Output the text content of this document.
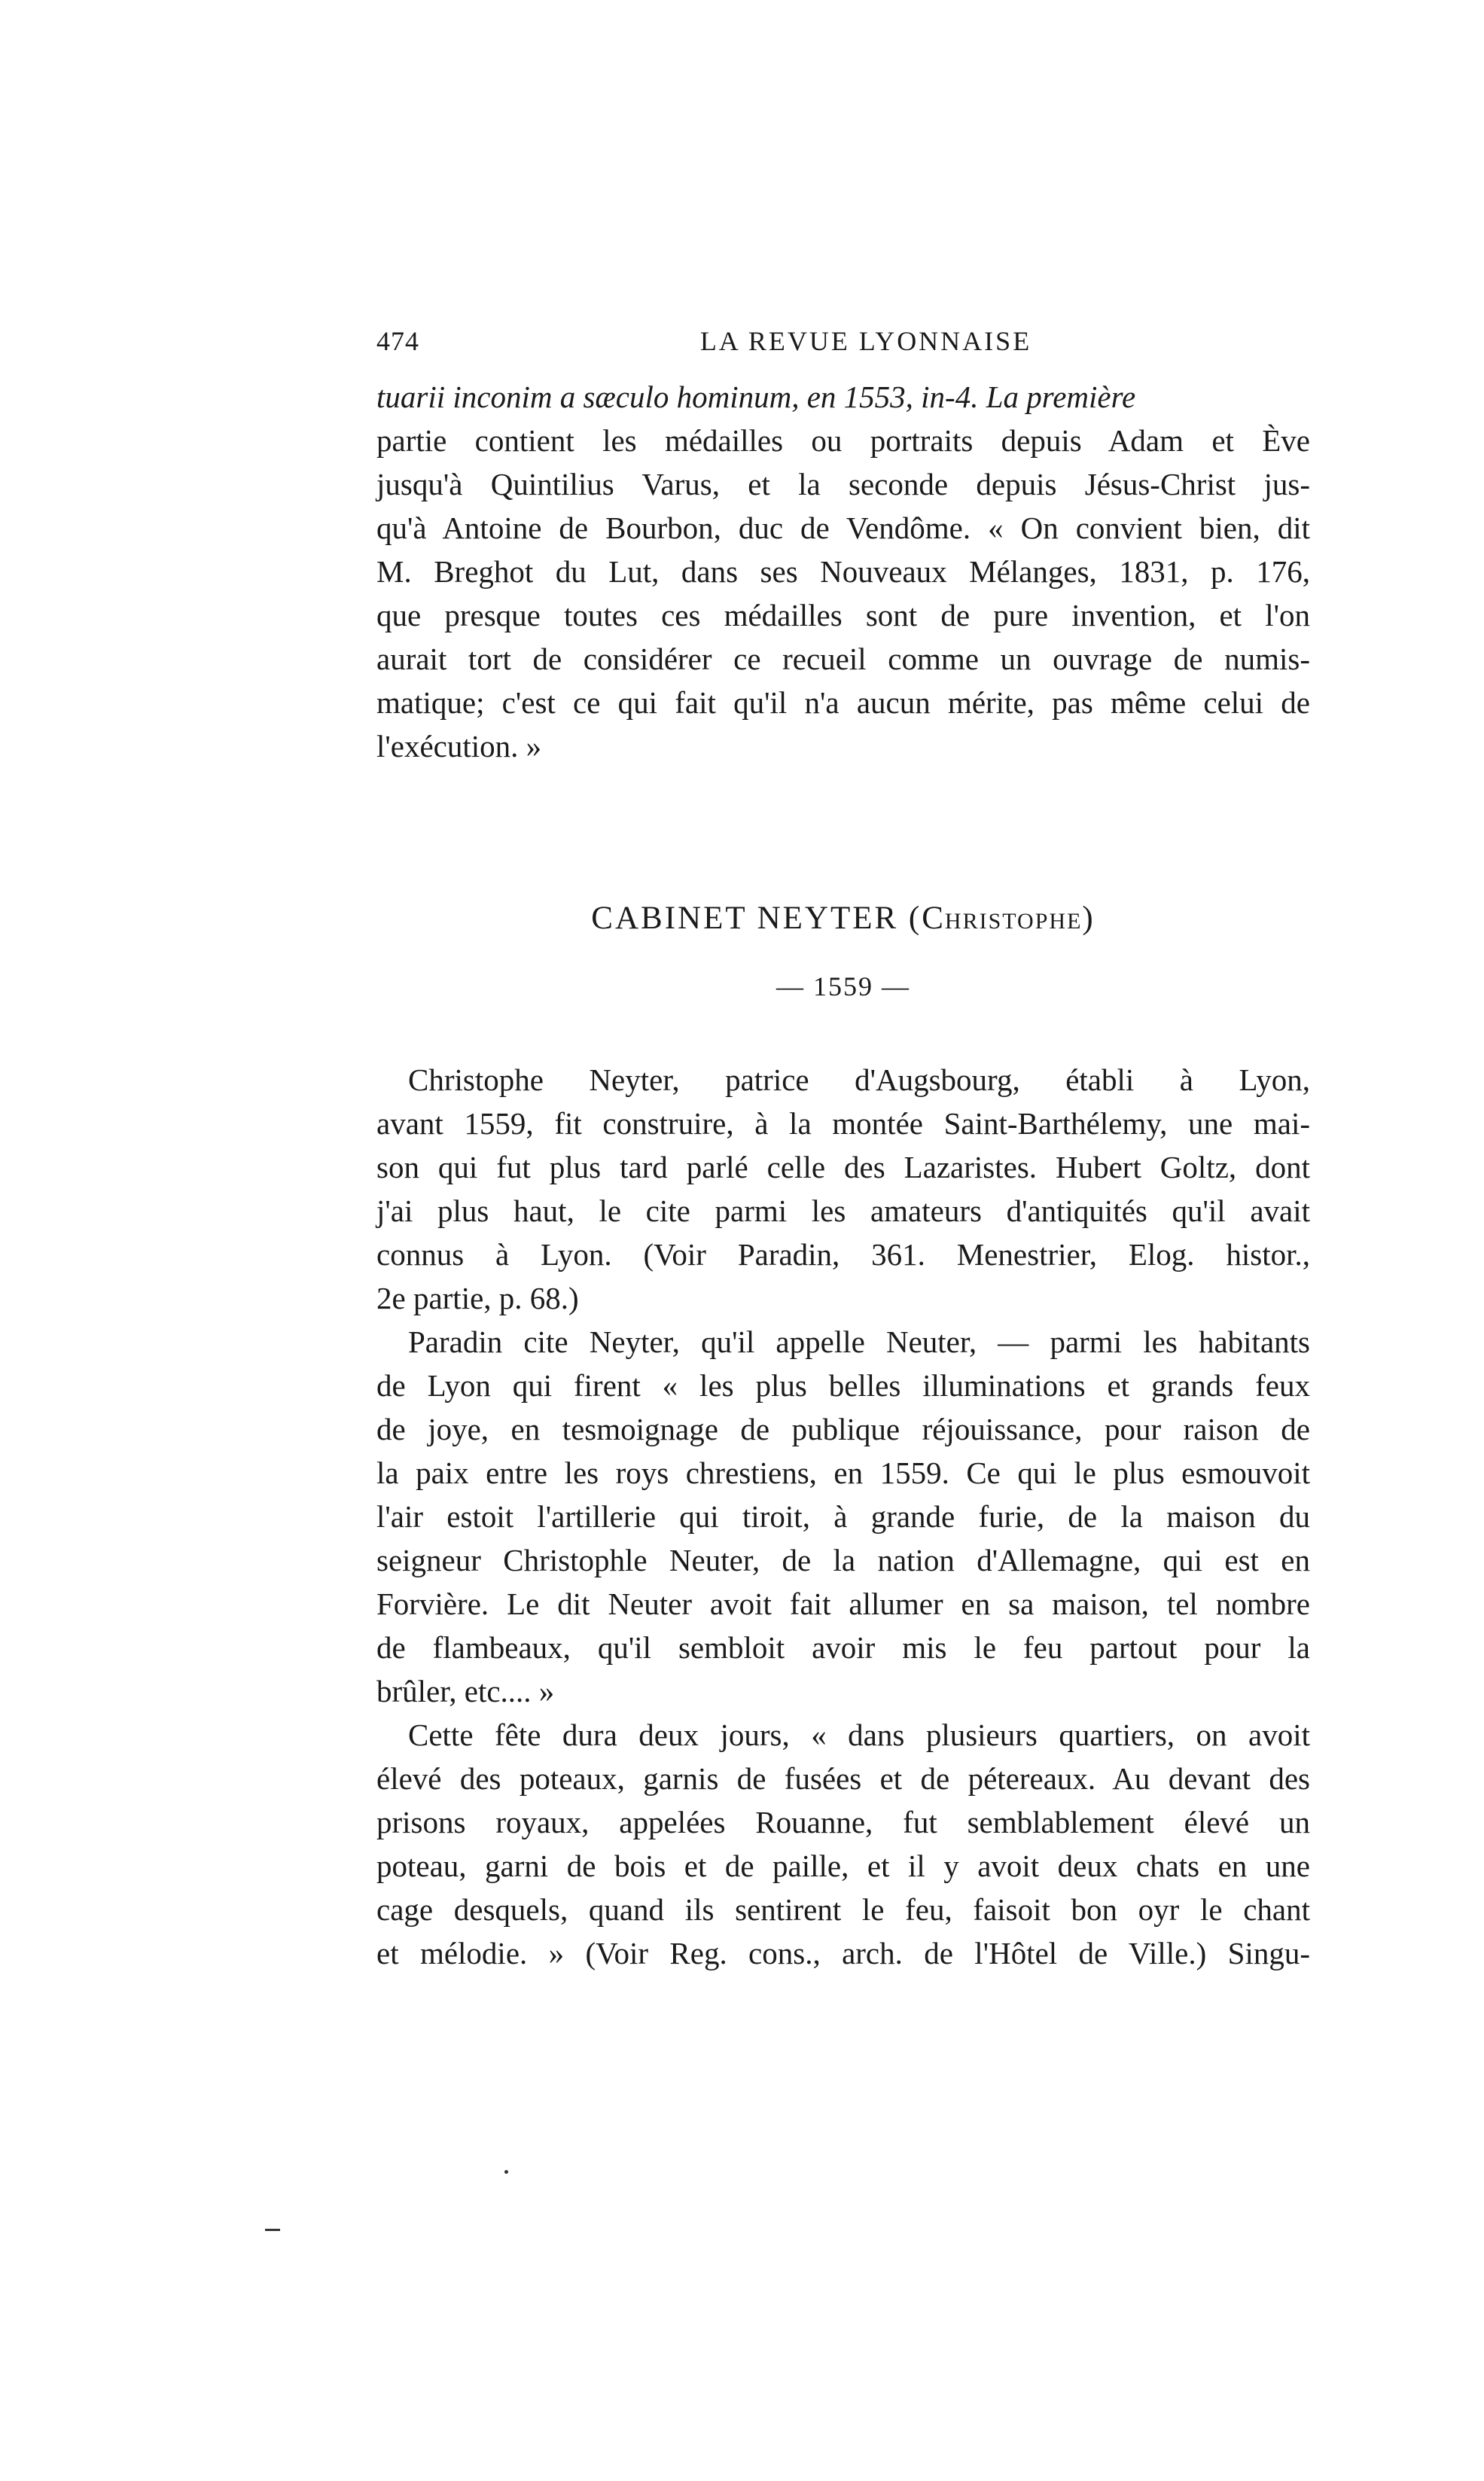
474	LA REVUE LYONNAISE
tuarii inconim a sæculo hominum, en 1553, in-4. La première
partie contient les médailles ou portraits depuis Adam et Ève
jusqu'à Quintilius Varus, et la seconde depuis Jésus-Christ jus-
qu'à Antoine de Bourbon, duc de Vendôme. « On convient bien, dit
M. Breghot du Lut, dans ses Nouveaux Mélanges, 1831, p. 176,
que presque toutes ces médailles sont de pure invention, et l'on
aurait tort de considérer ce recueil comme un ouvrage de numis-
matique; c'est ce qui fait qu'il n'a aucun mérite, pas même celui de
l'exécution. »
CABINET NEYTER (Christophe)
— 1559 —
Christophe Neyter, patrice d'Augsbourg, établi à Lyon,
avant 1559, fit construire, à la montée Saint-Barthélemy, une mai-
son qui fut plus tard parlé celle des Lazaristes. Hubert Goltz, dont
j'ai plus haut, le cite parmi les amateurs d'antiquités qu'il avait
connus à Lyon. (Voir Paradin, 361. Menestrier, Elog. histor.,
2e partie, p. 68.)
Paradin cite Neyter, qu'il appelle Neuter, — parmi les habitants
de Lyon qui firent « les plus belles illuminations et grands feux
de joye, en tesmoignage de publique réjouissance, pour raison de
la paix entre les roys chrestiens, en 1559. Ce qui le plus esmouvoit
l'air estoit l'artillerie qui tiroit, à grande furie, de la maison du
seigneur Christophle Neuter, de la nation d'Allemagne, qui est en
Forvière. Le dit Neuter avoit fait allumer en sa maison, tel nombre
de flambeaux, qu'il sembloit avoir mis le feu partout pour la
brûler, etc.... »
Cette fête dura deux jours, « dans plusieurs quartiers, on avoit
élevé des poteaux, garnis de fusées et de pétereaux. Au devant des
prisons royaux, appelées Rouanne, fut semblablement élevé un
poteau, garni de bois et de paille, et il y avoit deux chats en une
cage desquels, quand ils sentirent le feu, faisoit bon oyr le chant
et mélodie. » (Voir Reg. cons., arch. de l'Hôtel de Ville.) Singu-
